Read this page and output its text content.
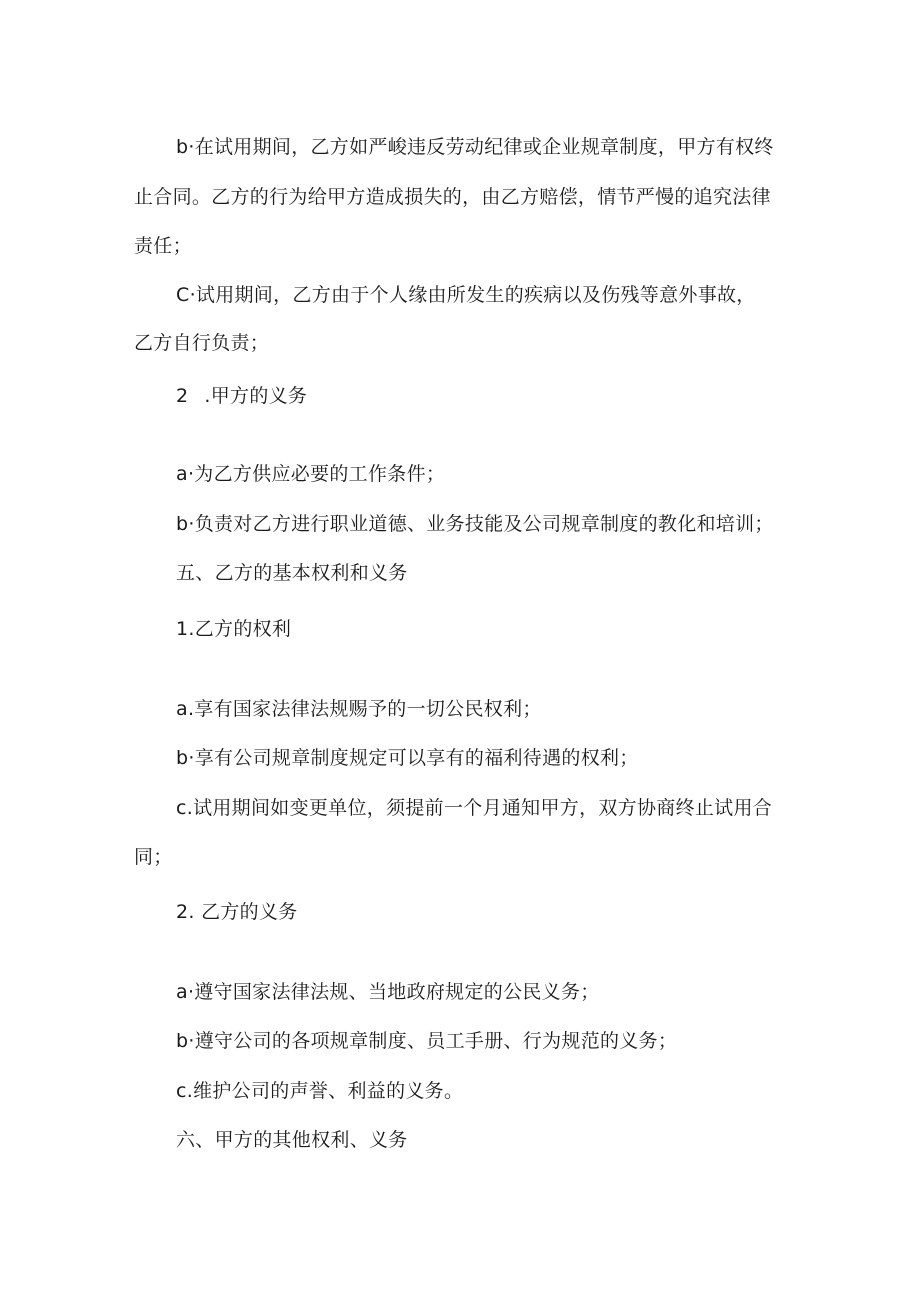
b·在试用期间，乙方如严峻违反劳动纪律或企业规章制度，甲方有权终

止合同。乙方的行为给甲方造成损失的，由乙方赔偿，情节严慢的追究法律

责任；

C·试用期间，乙方由于个人缘由所发生的疾病以及伤残等意外事故，

乙方自行负责；

2 .甲方的义务

a·为乙方供应必要的工作条件；

b·负责对乙方进行职业道德、业务技能及公司规章制度的教化和培训；

五、乙方的基本权利和义务

1.乙方的权利

a.享有国家法律法规赐予的一切公民权利；

b·享有公司规章制度规定可以享有的福利待遇的权利；

c.试用期间如变更单位，须提前一个月通知甲方，双方协商终止试用合

同；

2. 乙方的义务

a·遵守国家法律法规、当地政府规定的公民义务；

b·遵守公司的各项规章制度、员工手册、行为规范的义务；

c.维护公司的声誉、利益的义务。

六、甲方的其他权利、义务
